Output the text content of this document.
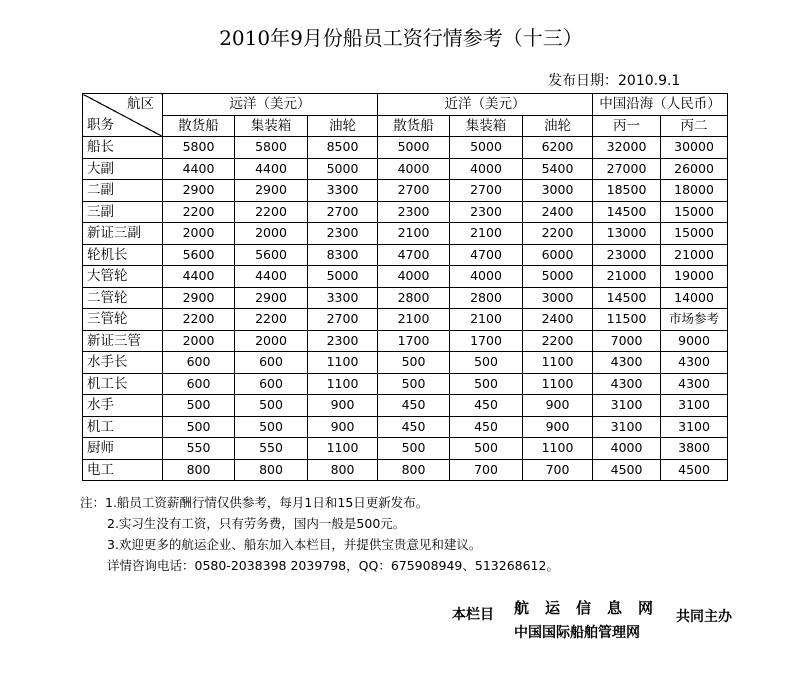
2010年9月份船员工资行情参考（十三）
发布日期：2010.9.1
航区
职务	远洋（美元）			近洋（美元）			中国沿海（人民币）	
	散货船	集装箱	油轮	散货船	集装箱	油轮	丙一	丙二
船长	5800	5800	8500	5000	5000	6200	32000	30000
大副	4400	4400	5000	4000	4000	5400	27000	26000
二副	2900	2900	3300	2700	2700	3000	18500	18000
三副	2200	2200	2700	2300	2300	2400	14500	15000
新证三副	2000	2000	2300	2100	2100	2200	13000	15000
轮机长	5600	5600	8300	4700	4700	6000	23000	21000
大管轮	4400	4400	5000	4000	4000	5000	21000	19000
二管轮	2900	2900	3300	2800	2800	3000	14500	14000
三管轮	2200	2200	2700	2100	2100	2400	11500	市场参考
新证三管	2000	2000	2300	1700	1700	2200	7000	9000
水手长	600	600	1100	500	500	1100	4300	4300
机工长	600	600	1100	500	500	1100	4300	4300
水手	500	500	900	450	450	900	3100	3100
机工	500	500	900	450	450	900	3100	3100
厨师	550	550	1100	500	500	1100	4000	3800
电工	800	800	800	800	700	700	4500	4500
注：1.船员工资薪酬行情仅供参考，每月1日和15日更新发布。
2.实习生没有工资，只有劳务费，国内一般是500元。
3.欢迎更多的航运企业、船东加入本栏目，并提供宝贵意见和建议。
详情咨询电话：0580-2038398 2039798，QQ：675908949、513268612。
本栏目 航运信息网
中国国际船舶管理网
共同主办
